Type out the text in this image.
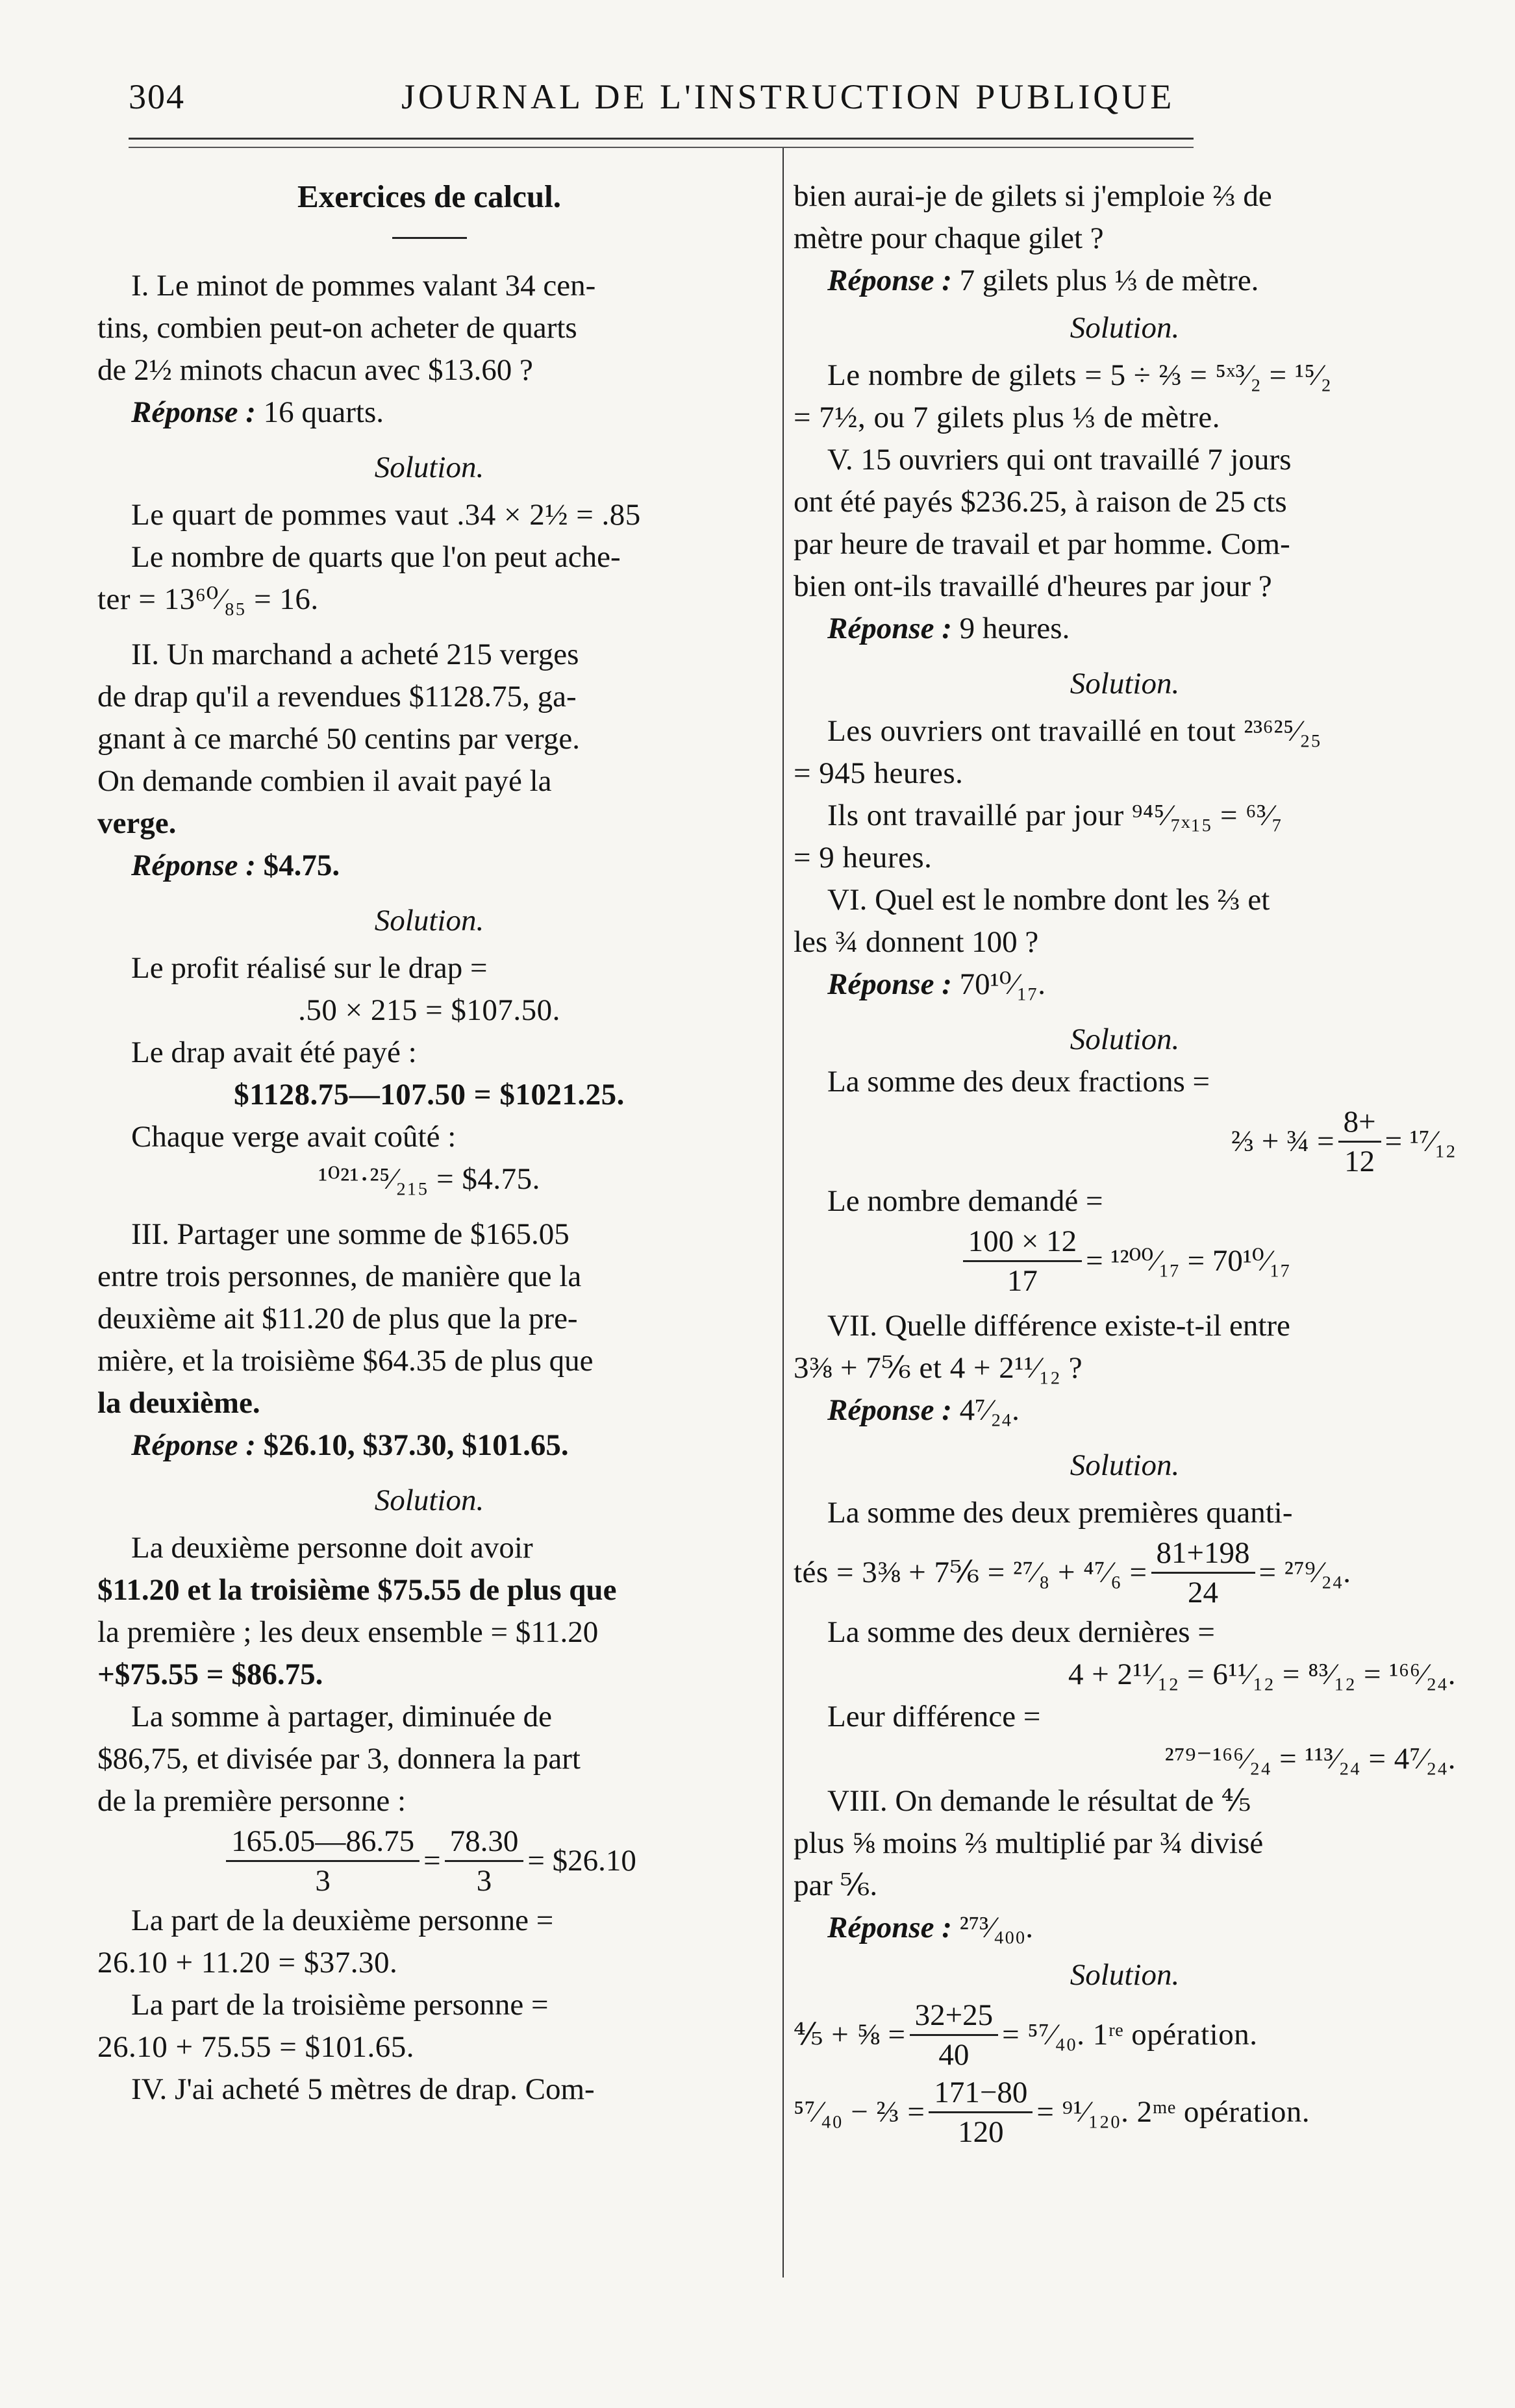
304	JOURNAL DE L'INSTRUCTION PUBLIQUE

Exercices de calcul.

I. Le minot de pommes valant 34 cen-

tins, combien peut-on acheter de quarts

de 2½ minots chacun avec $13.60 ?

Réponse : 16 quarts.

Solution.

Le quart de pommes vaut .34 × 2½ = .85

Le nombre de quarts que l'on peut ache-

ter = 13⁶⁰⁄₈₅ = 16.

II. Un marchand a acheté 215 verges

de drap qu'il a revendues $1128.75, ga-

gnant à ce marché 50 centins par verge.

On demande combien il avait payé la

verge.

Réponse : $4.75.

Solution.

Le profit réalisé sur le drap =

.50 × 215 = $107.50.

Le drap avait été payé :

$1128.75—107.50 = $1021.25.

Chaque verge avait coûté :

¹⁰²¹·²⁵⁄₂₁₅ = $4.75.

III. Partager une somme de $165.05

entre trois personnes, de manière que la

deuxième ait $11.20 de plus que la pre-

mière, et la troisième $64.35 de plus que

la deuxième.

Réponse : $26.10, $37.30, $101.65.

Solution.

La deuxième personne doit avoir

$11.20 et la troisième $75.55 de plus que

la première ; les deux ensemble = $11.20

+$75.55 = $86.75.

La somme à partager, diminuée de

$86,75, et divisée par 3, donnera la part

de la première personne :

$\frac{165.05—86.75}{3} = \frac{78.30}{3}$ = $26.10

La part de la deuxième personne =

26.10 + 11.20 = $37.30.

La part de la troisième personne =

26.10 + 75.55 = $101.65.

IV. J'ai acheté 5 mètres de drap. Com-

bien aurai-je de gilets si j'emploie ⅔ de

mètre pour chaque gilet ?

Réponse : 7 gilets plus ⅓ de mètre.

Solution.

Le nombre de gilets = 5 ÷ ⅔ = ⁵ˣ³⁄₂ = ¹⁵⁄₂

= 7½, ou 7 gilets plus ⅓ de mètre.

V. 15 ouvriers qui ont travaillé 7 jours

ont été payés $236.25, à raison de 25 cts

par heure de travail et par homme. Com-

bien ont-ils travaillé d'heures par jour ?

Réponse : 9 heures.

Solution.

Les ouvriers ont travaillé en tout ²³⁶²⁵⁄₂₅

= 945 heures.

Ils ont travaillé par jour ⁹⁴⁵⁄₇ₓ₁₅ = ⁶³⁄₇

= 9 heures.

VI. Quel est le nombre dont les ⅔ et

les ¾ donnent 100 ?

Réponse : 70¹⁰⁄₁₇.

Solution.

La somme des deux fractions =

⅔ + ¾ = $\frac{8+}{12}$ = ¹⁷⁄₁₂

Le nombre demandé =

$\frac{100 \times 12}{17}$ = ¹²⁰⁰⁄₁₇ = 70¹⁰⁄₁₇

VII. Quelle différence existe-t-il entre

3⅜ + 7⅚ et 4 + 2¹¹⁄₁₂ ?

Réponse : 4⁷⁄₂₄.

Solution.

La somme des deux premières quanti-

tés = 3⅜ + 7⅚ = ²⁷⁄₈ + ⁴⁷⁄₆ = $\frac{81+198}{24}$ = ²⁷⁹⁄₂₄.

La somme des deux dernières =

4 + 2¹¹⁄₁₂ = 6¹¹⁄₁₂ = ⁸³⁄₁₂ = ¹⁶⁶⁄₂₄.

Leur différence =

²⁷⁹⁻¹⁶⁶⁄₂₄ = ¹¹³⁄₂₄ = 4⁷⁄₂₄.

VIII. On demande le résultat de ⅘

plus ⅝ moins ⅔ multiplié par ¾ divisé

par ⅚.

Réponse : ²⁷³⁄₄₀₀.

Solution.

⅘ + ⅝ = $\frac{32+25}{40}$ = ⁵⁷⁄₄₀. 1ʳᵉ opération.
⁵⁷⁄₄₀ − ⅔ = $\frac{171-80}{120}$ = ⁹¹⁄₁₂₀. 2ᵐᵉ opération.
